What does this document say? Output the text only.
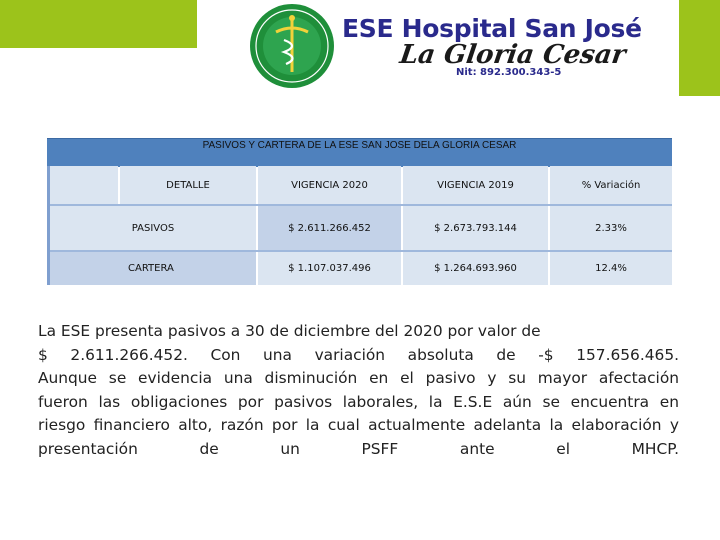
ESE Hospital San José
La Gloria Cesar
Nit: 892.300.343-5
PASIVOS Y CARTERA DE LA ESE SAN JOSE DELA GLORIA CESAR
DETALLE	VIGENCIA 2020	VIGENCIA 2019	% Variación
PASIVOS	$ 2.611.266.452	$ 2.673.793.144	2.33%
CARTERA	$ 1.107.037.496	$ 1.264.693.960	12.4%
La ESE presenta pasivos a 30 de diciembre del 2020 por valor de
$ 2.611.266.452. Con una variación absoluta de -$ 157.656.465.
Aunque se evidencia una disminución en el pasivo y su mayor afectación
fueron las obligaciones por pasivos laborales, la E.S.E aún se encuentra en
riesgo financiero alto, razón por la cual actualmente adelanta la elaboración y
presentación de un PSFF ante el MHCP.
